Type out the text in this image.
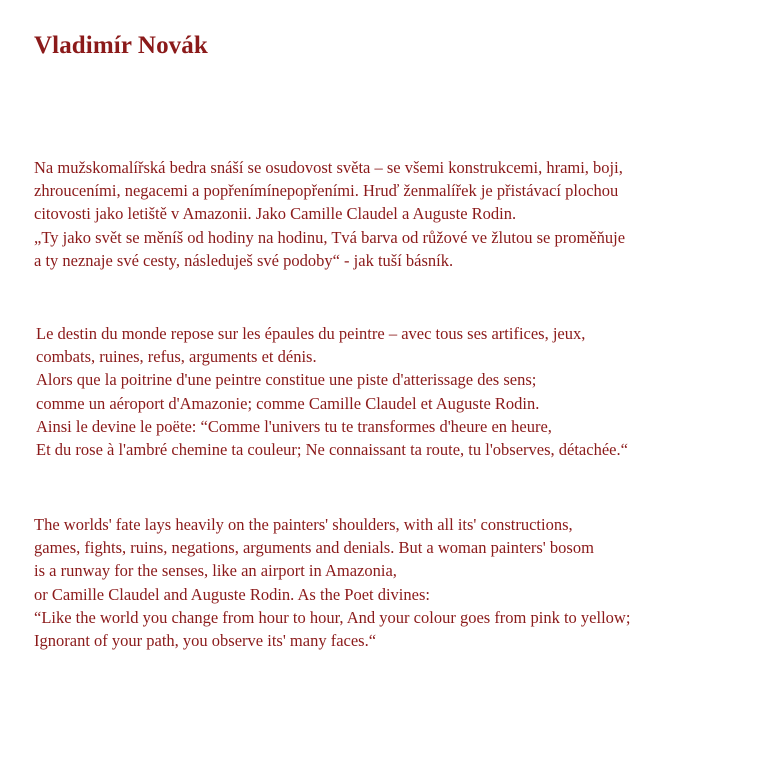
Vladimír Novák

Na mužskomalířská bedra snáší se osudovost světa – se všemi konstrukcemi, hrami, boji,
zhrouceními, negacemi a popřenímínepopřeními. Hruď ženmalířek je přistávací plochou
citovosti jako letiště v Amazonii. Jako Camille Claudel a Auguste Rodin.
„Ty jako svět se měníš od hodiny na hodinu, Tvá barva od růžové ve žlutou se proměňuje
a ty neznaje své cesty, následuješ své podoby“ - jak tuší básník.

Le destin du monde repose sur les épaules du peintre – avec tous ses artifices, jeux,
combats, ruines, refus, arguments et dénis.
Alors que la poitrine d'une peintre constitue une piste d'atterissage des sens;
comme un aéroport d'Amazonie; comme Camille Claudel et Auguste Rodin.
Ainsi le devine le poëte: “Comme l'univers tu te transformes d'heure en heure,
Et du rose à l'ambré chemine ta couleur; Ne connaissant ta route, tu l'observes, détachée.“

The worlds' fate lays heavily on the painters' shoulders, with all its' constructions,
games, fights, ruins, negations, arguments and denials. But a woman painters' bosom
is a runway for the senses, like an airport in Amazonia,
or Camille Claudel and Auguste Rodin. As the Poet divines:
“Like the world you change from hour to hour, And your colour goes from pink to yellow;
Ignorant of your path, you observe its' many faces.“
